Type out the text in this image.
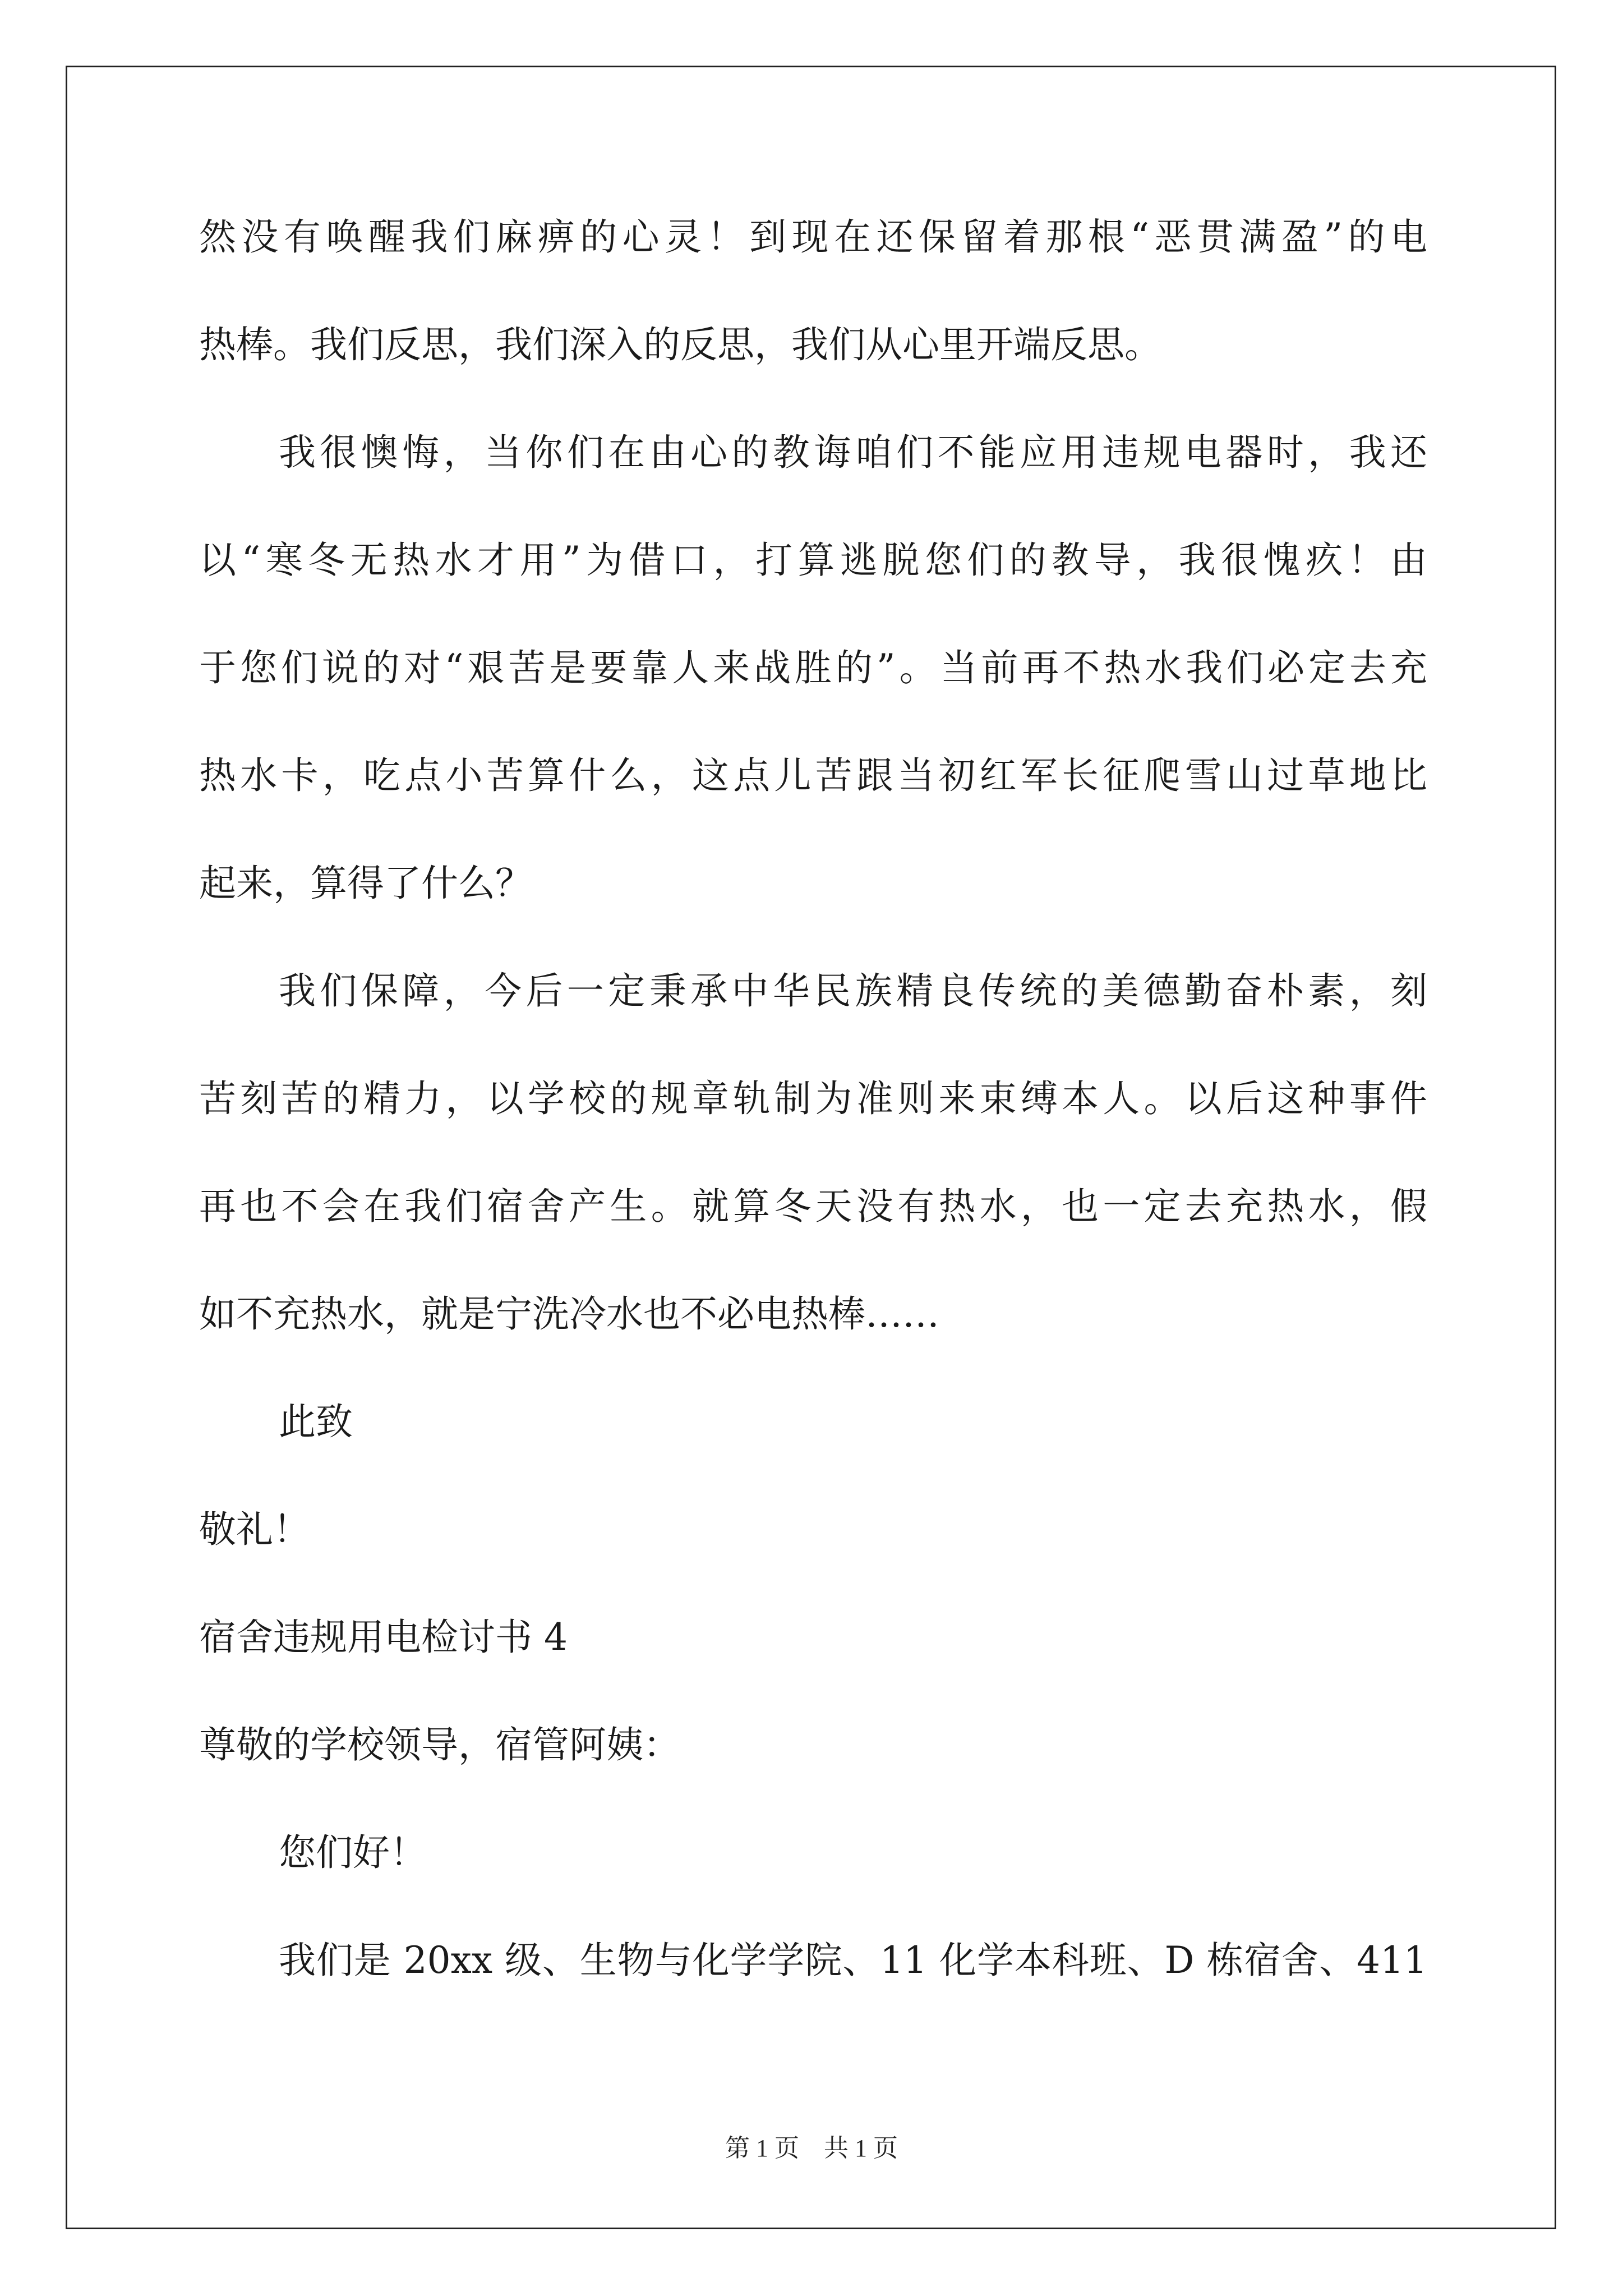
然没有唤醒我们麻痹的心灵！到现在还保留着那根“恶贯满盈”的电
热棒。我们反思，我们深入的反思，我们从心里开端反思。
我很懊悔，当你们在由心的教诲咱们不能应用违规电器时，我还
以“寒冬无热水才用”为借口，打算逃脱您们的教导，我很愧疚！由
于您们说的对“艰苦是要靠人来战胜的”。当前再不热水我们必定去充
热水卡，吃点小苦算什么，这点儿苦跟当初红军长征爬雪山过草地比
起来，算得了什么？
我们保障，今后一定秉承中华民族精良传统的美德勤奋朴素，刻
苦刻苦的精力，以学校的规章轨制为准则来束缚本人。以后这种事件
再也不会在我们宿舍产生。就算冬天没有热水，也一定去充热水，假
如不充热水，就是宁洗冷水也不必电热棒……
此致
敬礼！
宿舍违规用电检讨书 4
尊敬的学校领导，宿管阿姨：
您们好！
我们是 20xx 级、生物与化学学院、11 化学本科班、D 栋宿舍、411
第 1 页　共 1 页
